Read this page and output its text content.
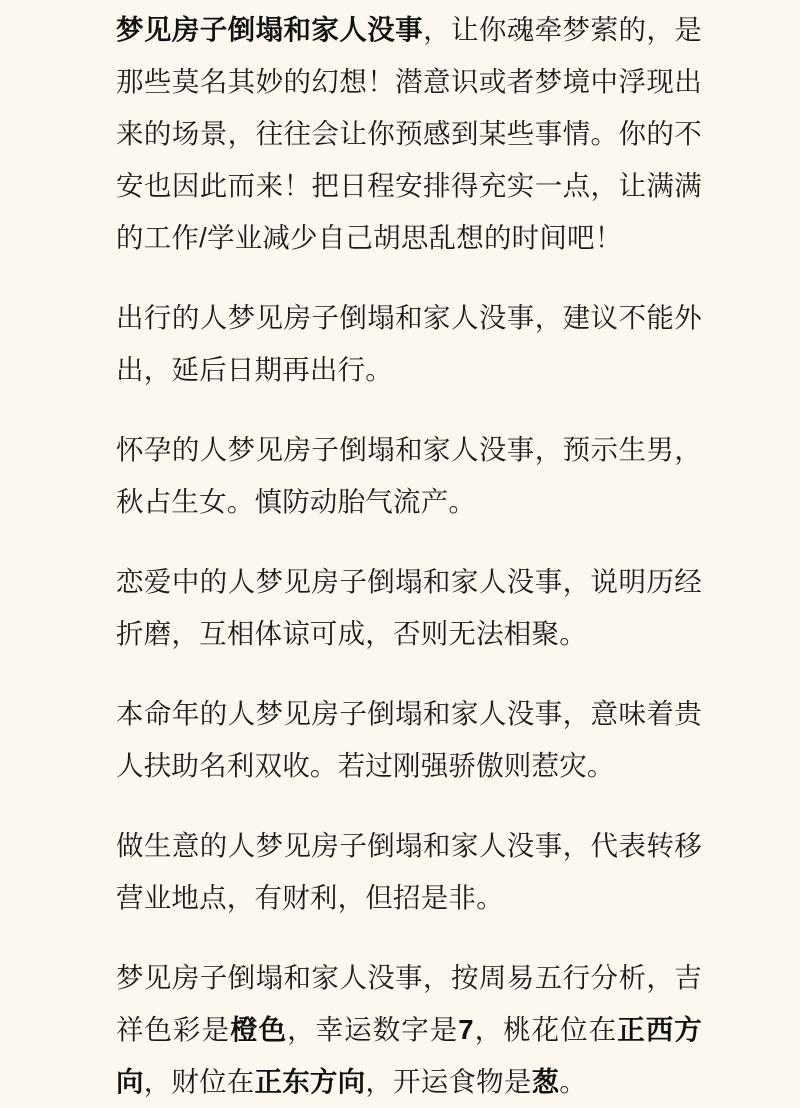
梦见房子倒塌和家人没事，让你魂牵梦萦的，是那些莫名其妙的幻想！潜意识或者梦境中浮现出来的场景，往往会让你预感到某些事情。你的不安也因此而来！把日程安排得充实一点，让满满的工作/学业减少自己胡思乱想的时间吧！

出行的人梦见房子倒塌和家人没事，建议不能外出，延后日期再出行。

怀孕的人梦见房子倒塌和家人没事，预示生男，秋占生女。慎防动胎气流产。

恋爱中的人梦见房子倒塌和家人没事，说明历经折磨，互相体谅可成，否则无法相聚。

本命年的人梦见房子倒塌和家人没事，意味着贵人扶助名利双收。若过刚强骄傲则惹灾。

做生意的人梦见房子倒塌和家人没事，代表转移营业地点，有财利，但招是非。

梦见房子倒塌和家人没事，按周易五行分析，吉祥色彩是橙色，幸运数字是7，桃花位在正西方向，财位在正东方向，开运食物是葱。
